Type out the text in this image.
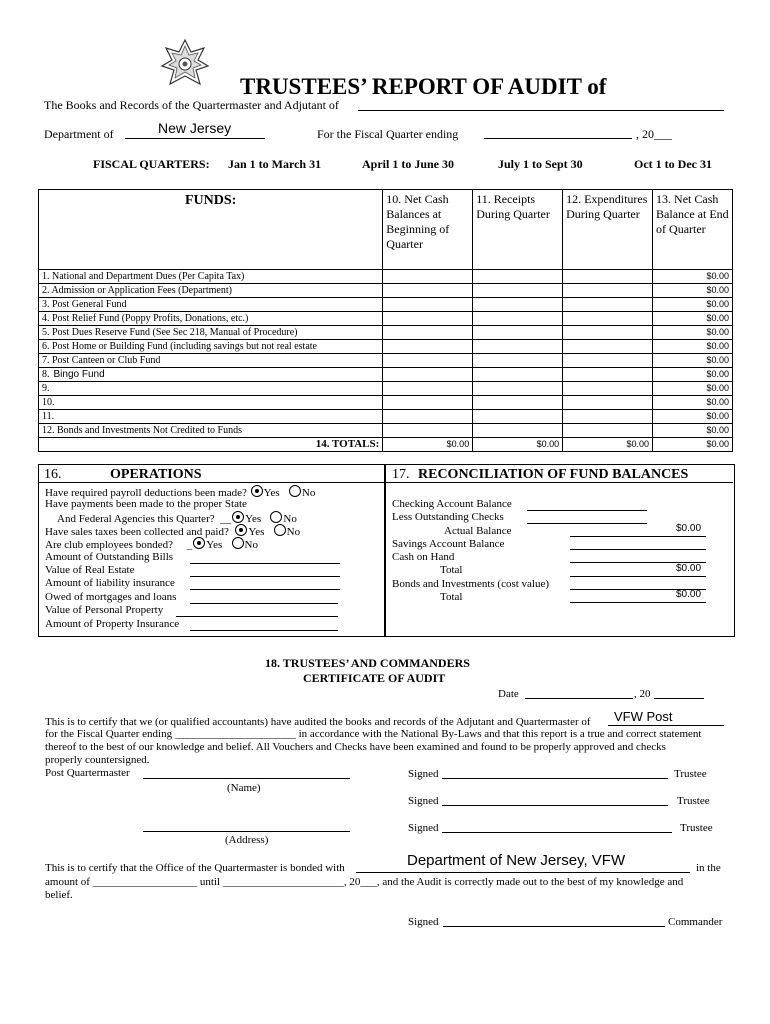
TRUSTEES’ REPORT OF AUDIT of
The Books and Records of the Quartermaster and Adjutant of
Department of	New Jersey	For the Fiscal Quarter ending	, 20___
FISCAL QUARTERS: Jan 1 to March 31	April 1 to June 30	July 1 to Sept 30	Oct 1 to Dec 31
FUNDS:	10. Net Cash Balances at Beginning of Quarter	11. Receipts During Quarter	12. Expenditures During Quarter	13. Net Cash Balance at End of Quarter
1. National and Department Dues (Per Capita Tax)				$0.00
2. Admission or Application Fees (Department)				$0.00
3. Post General Fund				$0.00
4. Post Relief Fund (Poppy Profits, Donations, etc.)				$0.00
5. Post Dues Reserve Fund (See Sec 218, Manual of Procedure)				$0.00
6. Post Home or Building Fund (including savings but not real estate				$0.00
7. Post Canteen or Club Fund				$0.00
8. Bingo Fund				$0.00
9.				$0.00
10.				$0.00
11.				$0.00
12. Bonds and Investments Not Credited to Funds				$0.00
14. TOTALS:	$0.00	$0.00	$0.00	$0.00
16.	OPERATIONS	17. RECONCILIATION OF FUND BALANCES
Have required payroll deductions been made? Yes No
Have payments been made to the proper State
And Federal Agencies this Quarter?  __ Yes No
Have sales taxes been collected and paid? Yes No
Are club employees bonded?     _ Yes No
Amount of Outstanding Bills
Value of Real Estate
Amount of liability insurance
Owed of mortgages and loans
Value of Personal Property
Amount of Property Insurance
Checking Account Balance
Less Outstanding Checks
Actual Balance	$0.00
Savings Account Balance
Cash on Hand
Total	$0.00
Bonds and Investments (cost value)
Total	$0.00
18. TRUSTEES’ AND COMMANDERS
CERTIFICATE OF AUDIT
Date	, 20
This is to certify that we (or qualified accountants) have audited the books and records of the Adjutant and Quartermaster of VFW Post
for the Fiscal Quarter ending ______________________ in accordance with the National By-Laws and that this report is a true and correct statement
thereof to the best of our knowledge and belief. All Vouchers and Checks have been examined and found to be properly approved and checks
properly countersigned.
Post Quartermaster
(Name)
(Address)
Signed	Trustee
Signed	Trustee
Signed	Trustee
This is to certify that the Office of the Quartermaster is bonded with	Department of New Jersey, VFW	in the
amount of ___________________ until ______________________, 20___, and the Audit is correctly made out to the best of my knowledge and
belief.
Signed	Commander
